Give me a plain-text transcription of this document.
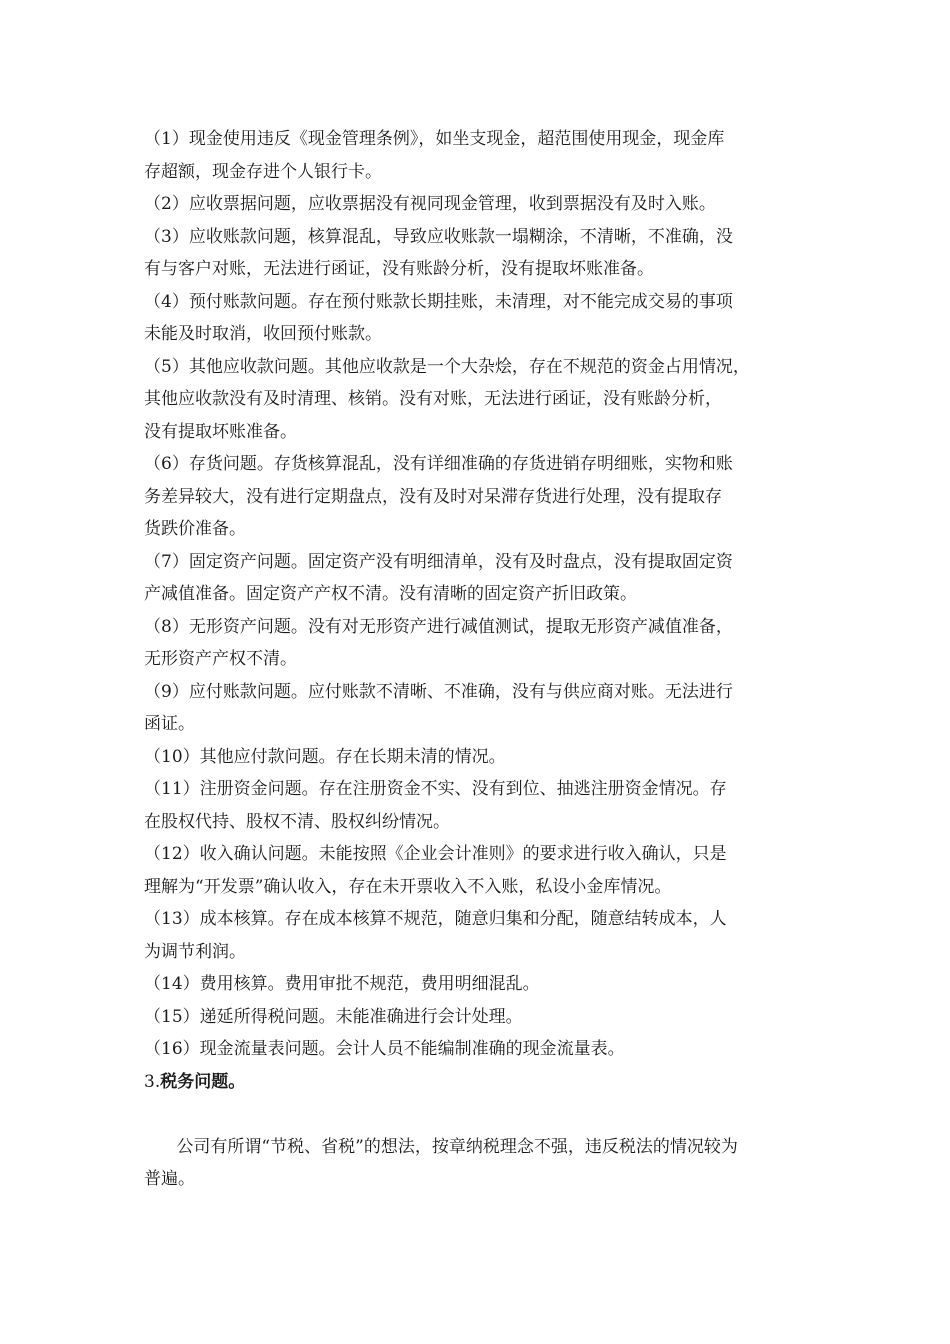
（1）现金使用违反《现金管理条例》，如坐支现金，超范围使用现金，现金库
存超额，现金存进个人银行卡。

（2）应收票据问题，应收票据没有视同现金管理，收到票据没有及时入账。

（3）应收账款问题，核算混乱，导致应收账款一塌糊涂，不清晰，不准确，没
有与客户对账，无法进行函证，没有账龄分析，没有提取坏账准备。

（4）预付账款问题。存在预付账款长期挂账，未清理，对不能完成交易的事项
未能及时取消，收回预付账款。

（5）其他应收款问题。其他应收款是一个大杂烩，存在不规范的资金占用情况，
其他应收款没有及时清理、核销。没有对账，无法进行函证，没有账龄分析，
没有提取坏账准备。

（6）存货问题。存货核算混乱，没有详细准确的存货进销存明细账，实物和账
务差异较大，没有进行定期盘点，没有及时对呆滞存货进行处理，没有提取存
货跌价准备。

（7）固定资产问题。固定资产没有明细清单，没有及时盘点，没有提取固定资
产减值准备。固定资产产权不清。没有清晰的固定资产折旧政策。

（8）无形资产问题。没有对无形资产进行减值测试，提取无形资产减值准备，
无形资产产权不清。

（9）应付账款问题。应付账款不清晰、不准确，没有与供应商对账。无法进行
函证。

（10）其他应付款问题。存在长期未清的情况。

（11）注册资金问题。存在注册资金不实、没有到位、抽逃注册资金情况。存
在股权代持、股权不清、股权纠纷情况。

（12）收入确认问题。未能按照《企业会计准则》的要求进行收入确认，只是
理解为“开发票”确认收入，存在未开票收入不入账，私设小金库情况。

（13）成本核算。存在成本核算不规范，随意归集和分配，随意结转成本，人
为调节利润。

（14）费用核算。费用审批不规范，费用明细混乱。

（15）递延所得税问题。未能准确进行会计处理。

（16）现金流量表问题。会计人员不能编制准确的现金流量表。

3.税务问题。

公司有所谓“节税、省税”的想法，按章纳税理念不强，违反税法的情况较为
普遍。
